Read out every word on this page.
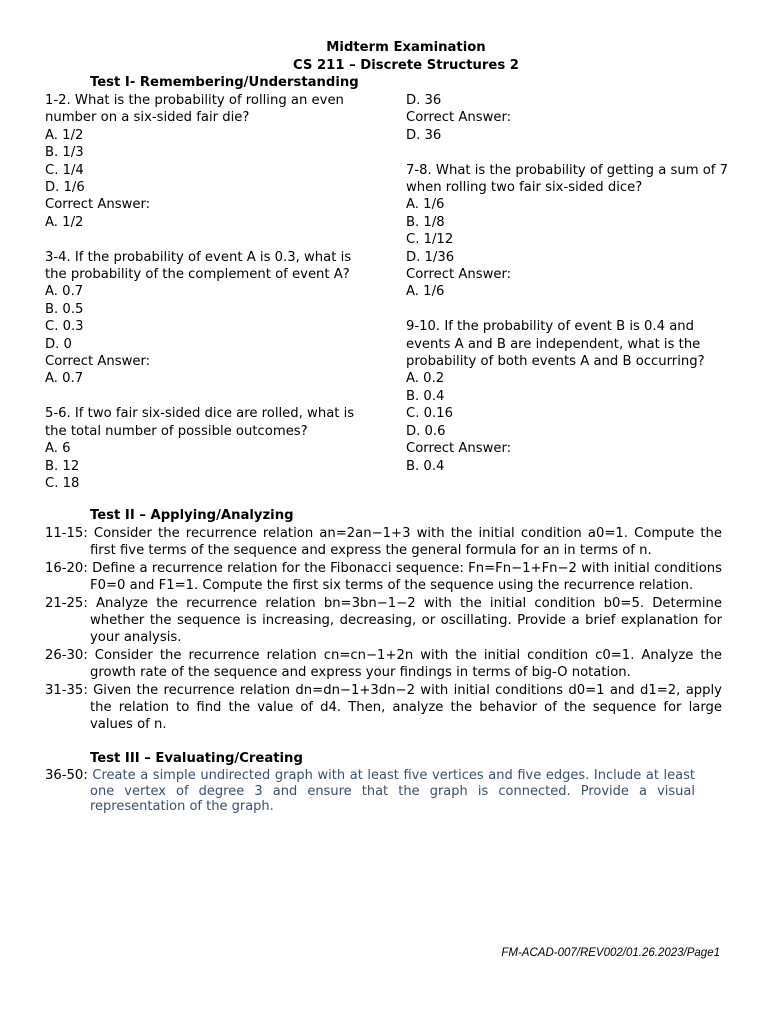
Midterm Examination
CS 211 – Discrete Structures 2
Test I- Remembering/Understanding
1-2. What is the probability of rolling an even number on a six-sided fair die?
A. 1/2
B. 1/3
C. 1/4
D. 1/6
Correct Answer:
A. 1/2
3-4. If the probability of event A is 0.3, what is the probability of the complement of event A?
A. 0.7
B. 0.5
C. 0.3
D. 0
Correct Answer:
A. 0.7
5-6. If two fair six-sided dice are rolled, what is the total number of possible outcomes?
A. 6
B. 12
C. 18
D. 36
Correct Answer:
D. 36
7-8. What is the probability of getting a sum of 7 when rolling two fair six-sided dice?
A. 1/6
B. 1/8
C. 1/12
D. 1/36
Correct Answer:
A. 1/6
9-10. If the probability of event B is 0.4 and events A and B are independent, what is the probability of both events A and B occurring?
A. 0.2
B. 0.4
C. 0.16
D. 0.6
Correct Answer:
B. 0.4
Test II – Applying/Analyzing
11-15: Consider the recurrence relation an=2an−1+3 with the initial condition a0=1. Compute the first five terms of the sequence and express the general formula for an in terms of n.
16-20: Define a recurrence relation for the Fibonacci sequence: Fn=Fn−1+Fn−2 with initial conditions F0=0 and F1=1. Compute the first six terms of the sequence using the recurrence relation.
21-25: Analyze the recurrence relation bn=3bn−1−2 with the initial condition b0=5. Determine whether the sequence is increasing, decreasing, or oscillating. Provide a brief explanation for your analysis.
26-30: Consider the recurrence relation cn=cn−1+2n with the initial condition c0=1. Analyze the growth rate of the sequence and express your findings in terms of big-O notation.
31-35: Given the recurrence relation dn=dn−1+3dn−2 with initial conditions d0=1 and d1=2, apply the relation to find the value of d4. Then, analyze the behavior of the sequence for large values of n.
Test III – Evaluating/Creating
36-50: Create a simple undirected graph with at least five vertices and five edges. Include at least one vertex of degree 3 and ensure that the graph is connected. Provide a visual representation of the graph.
FM-ACAD-007/REV002/01.26.2023/Page1
